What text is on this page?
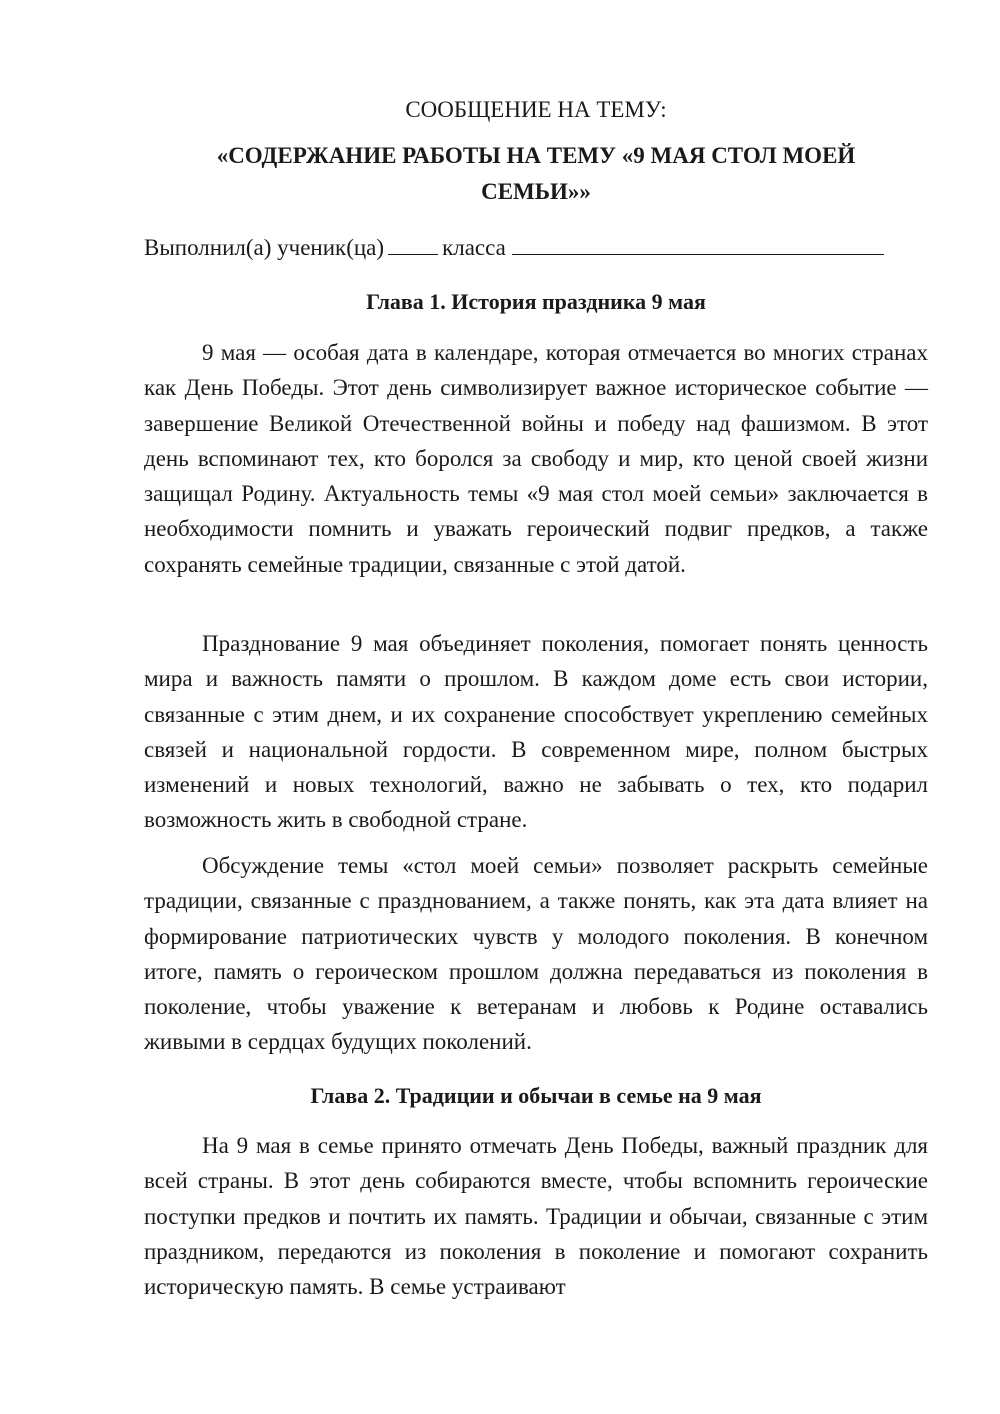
СООБЩЕНИЕ НА ТЕМУ:
«СОДЕРЖАНИЕ РАБОТЫ НА ТЕМУ «9 МАЯ СТОЛ МОЕЙ СЕМЬИ»»
Выполнил(а) ученик(ца)	класса
Глава 1. История праздника 9 мая

9 мая — особая дата в календаре, которая отмечается во многих странах как День Победы. Этот день символизирует важное историческое событие — завершение Великой Отечественной войны и победу над фашизмом. В этот день вспоминают тех, кто боролся за свободу и мир, кто ценой своей жизни защищал Родину. Актуальность темы «9 мая стол моей семьи» заключается в необходимости помнить и уважать героический подвиг предков, а также сохранять семейные традиции, связанные с этой датой.

Празднование 9 мая объединяет поколения, помогает понять ценность мира и важность памяти о прошлом. В каждом доме есть свои истории, связанные с этим днем, и их сохранение способствует укреплению семейных связей и национальной гордости. В современном мире, полном быстрых изменений и новых технологий, важно не забывать о тех, кто подарил возможность жить в свободной стране.

Обсуждение темы «стол моей семьи» позволяет раскрыть семейные традиции, связанные с празднованием, а также понять, как эта дата влияет на формирование патриотических чувств у молодого поколения. В конечном итоге, память о героическом прошлом должна передаваться из поколения в поколение, чтобы уважение к ветеранам и любовь к Родине оставались живыми в сердцах будущих поколений.

Глава 2. Традиции и обычаи в семье на 9 мая

На 9 мая в семье принято отмечать День Победы, важный праздник для всей страны. В этот день собираются вместе, чтобы вспомнить героические поступки предков и почтить их память. Традиции и обычаи, связанные с этим праздником, передаются из поколения в поколение и помогают сохранить историческую память. В семье устраивают
